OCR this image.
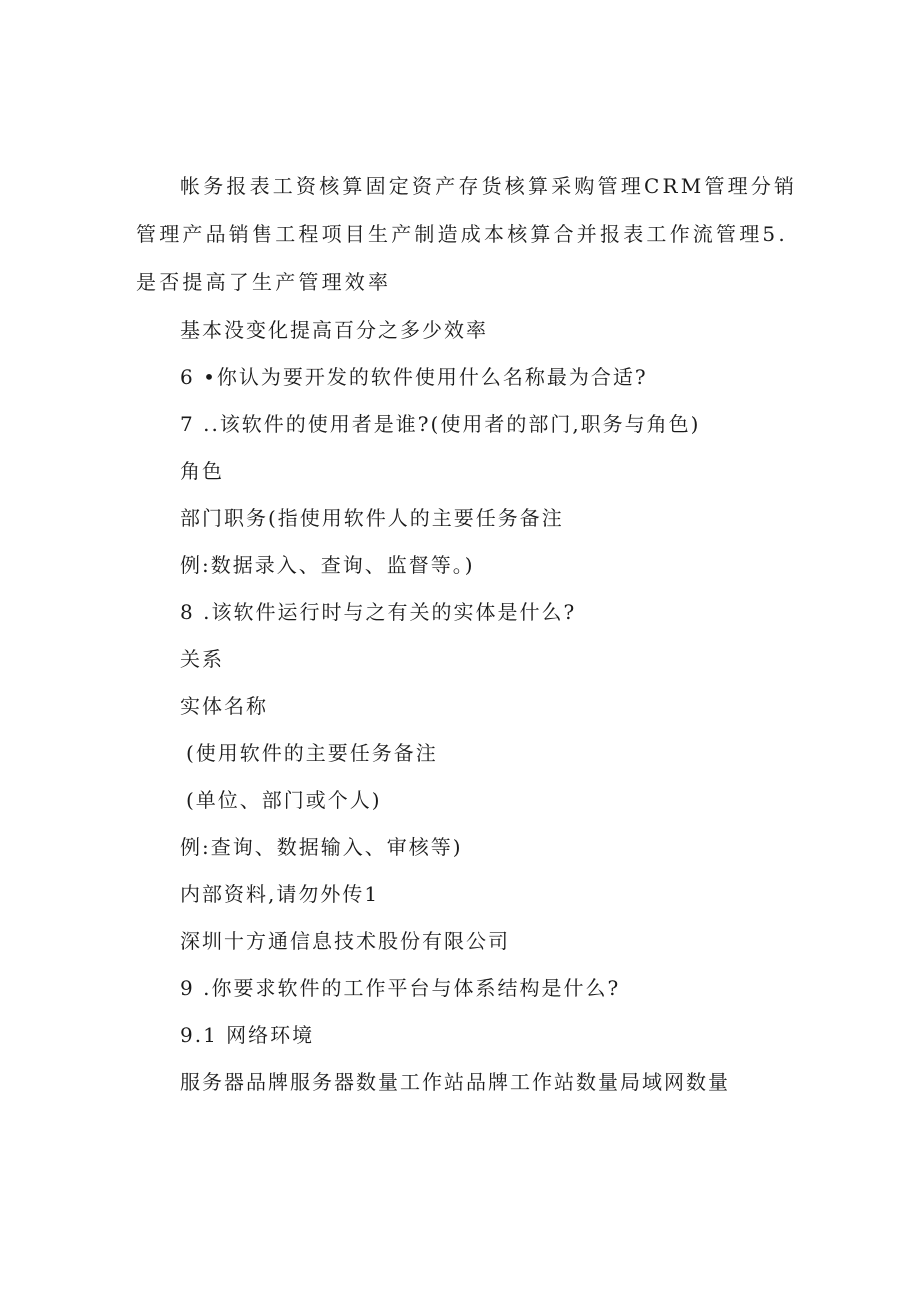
帐务报表工资核算固定资产存货核算采购管理CRM管理分销管理产品销售工程项目生产制造成本核算合并报表工作流管理5.是否提高了生产管理效率
基本没变化提高百分之多少效率
6 •你认为要开发的软件使用什么名称最为合适?
7 ..该软件的使用者是谁?(使用者的部门,职务与角色)
角色
部门职务(指使用软件人的主要任务备注
例:数据录入、查询、监督等。)
8 .该软件运行时与之有关的实体是什么?
关系
实体名称
(使用软件的主要任务备注
(单位、部门或个人)
例:查询、数据输入、审核等)
内部资料,请勿外传1
深圳十方通信息技术股份有限公司
9 .你要求软件的工作平台与体系结构是什么?
9.1 网络环境
服务器品牌服务器数量工作站品牌工作站数量局域网数量
